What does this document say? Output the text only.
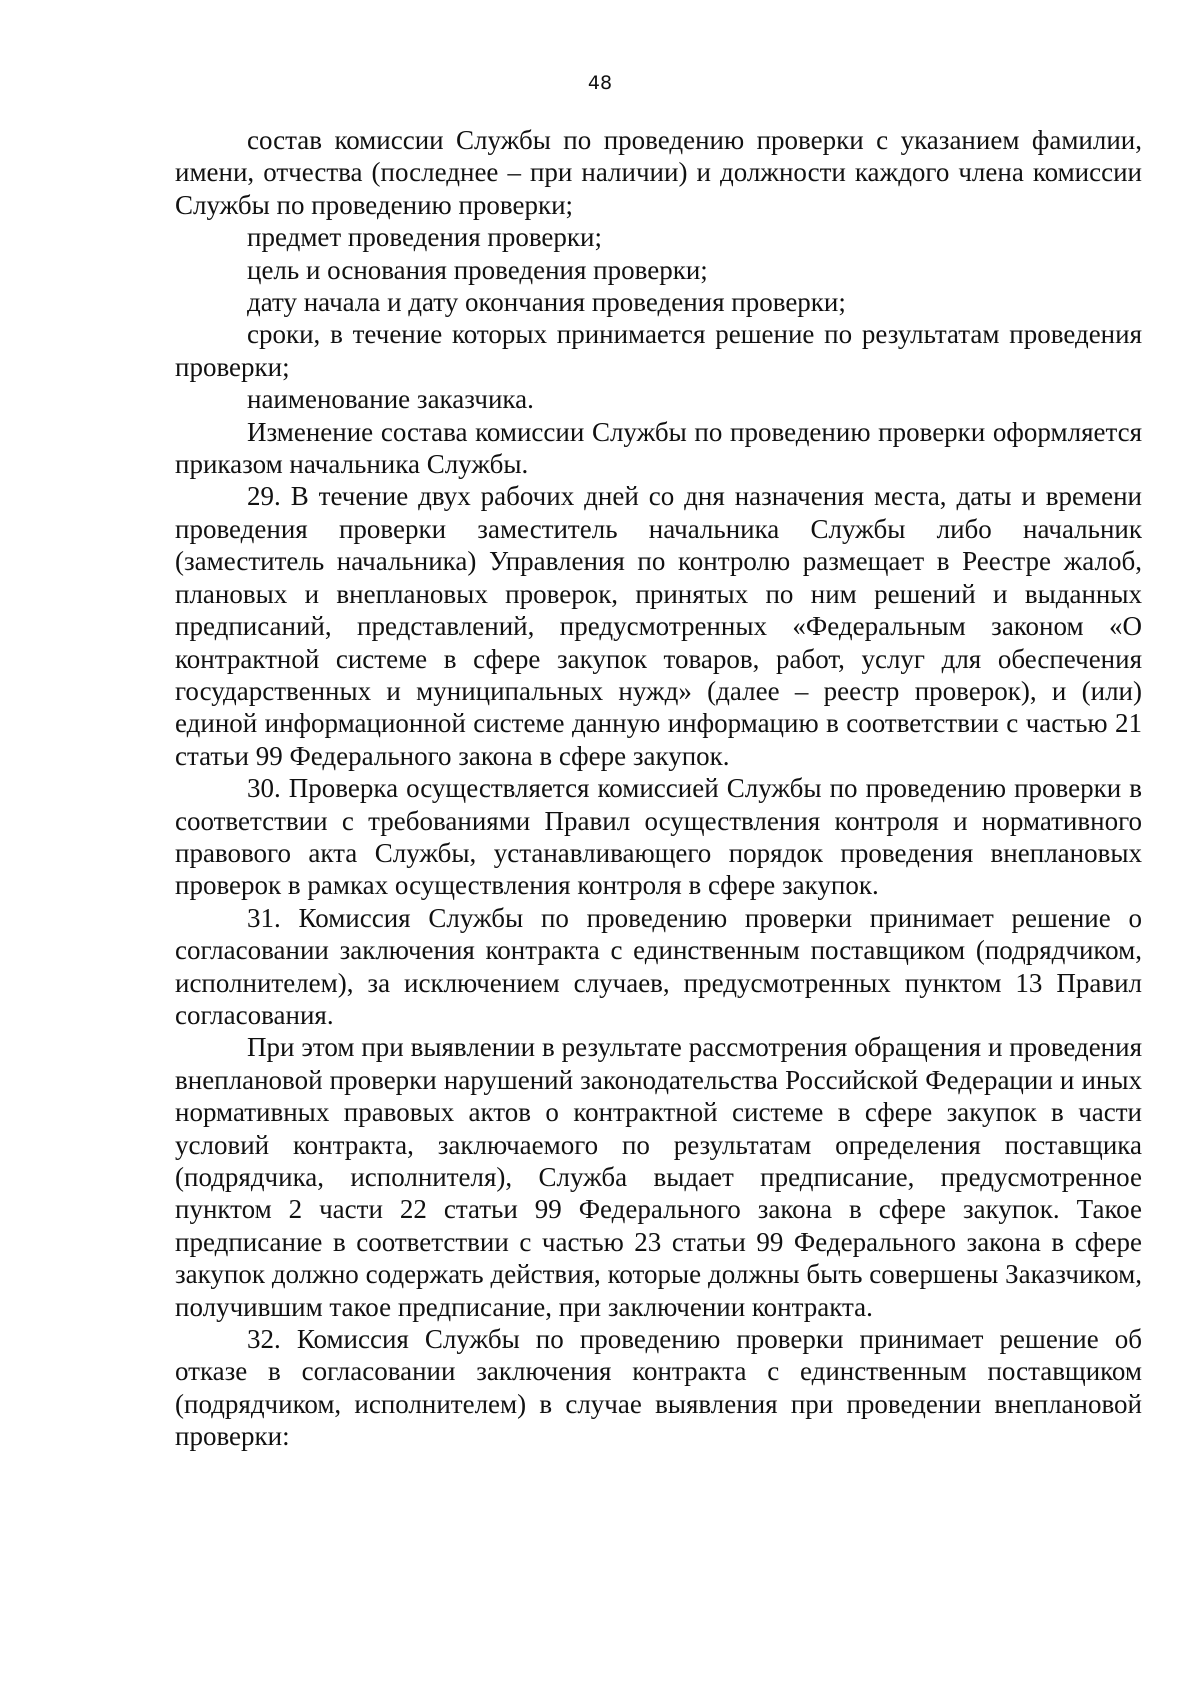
48

состав комиссии Службы по проведению проверки с указанием фамилии, имени, отчества (последнее – при наличии) и должности каждого члена комиссии Службы по проведению проверки;

предмет проведения проверки;

цель и основания проведения проверки;

дату начала и дату окончания проведения проверки;

сроки, в течение которых принимается решение по результатам проведения проверки;

наименование заказчика.

Изменение состава комиссии Службы по проведению проверки оформляется приказом начальника Службы.

29. В течение двух рабочих дней со дня назначения места, даты и времени проведения проверки заместитель начальника Службы либо начальник (заместитель начальника) Управления по контролю размещает в Реестре жалоб, плановых и внеплановых проверок, принятых по ним решений и выданных предписаний, представлений, предусмотренных «Федеральным законом «О контрактной системе в сфере закупок товаров, работ, услуг для обеспечения государственных и муниципальных нужд» (далее – реестр проверок), и (или) единой информационной системе данную информацию в соответствии с частью 21 статьи 99 Федерального закона в сфере закупок.

30. Проверка осуществляется комиссией Службы по проведению проверки в соответствии с требованиями Правил осуществления контроля и нормативного правового акта Службы, устанавливающего порядок проведения внеплановых проверок в рамках осуществления контроля в сфере закупок.

31. Комиссия Службы по проведению проверки принимает решение о согласовании заключения контракта с единственным поставщиком (подрядчиком, исполнителем), за исключением случаев, предусмотренных пунктом 13 Правил согласования.

При этом при выявлении в результате рассмотрения обращения и проведения внеплановой проверки нарушений законодательства Российской Федерации и иных нормативных правовых актов о контрактной системе в сфере закупок в части условий контракта, заключаемого по результатам определения поставщика (подрядчика, исполнителя), Служба выдает предписание, предусмотренное пунктом 2 части 22 статьи 99 Федерального закона в сфере закупок. Такое предписание в соответствии с частью 23 статьи 99 Федерального закона в сфере закупок должно содержать действия, которые должны быть совершены Заказчиком, получившим такое предписание, при заключении контракта.

32. Комиссия Службы по проведению проверки принимает решение об отказе в согласовании заключения контракта с единственным поставщиком (подрядчиком, исполнителем) в случае выявления при проведении внеплановой проверки:
